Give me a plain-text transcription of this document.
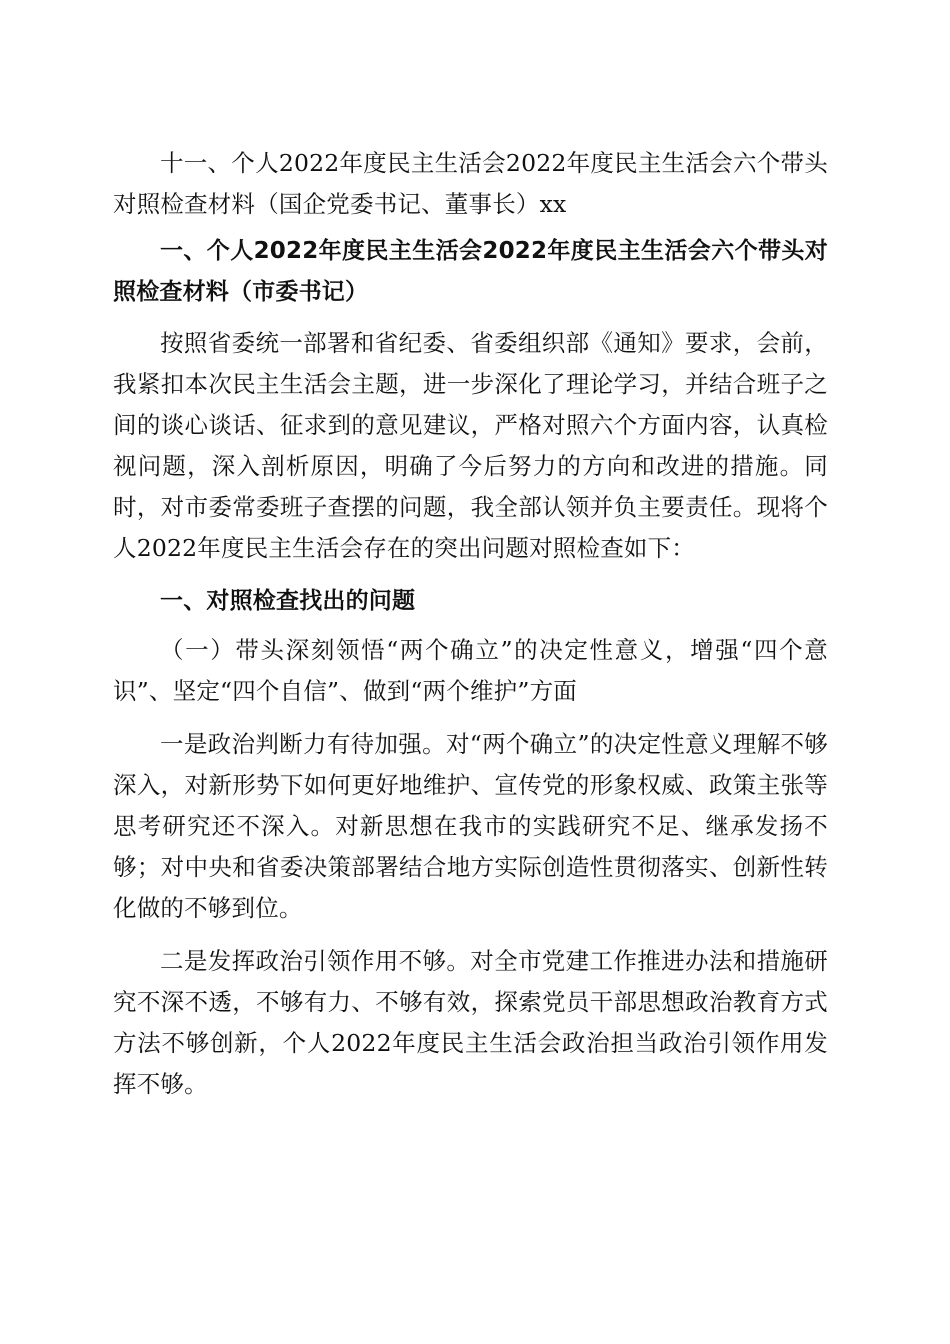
十一、个人2022年度民主生活会2022年度民主生活会六个带头对照检查材料（国企党委书记、董事长）xx

一、个人2022年度民主生活会2022年度民主生活会六个带头对照检查材料（市委书记）

按照省委统一部署和省纪委、省委组织部《通知》要求，会前，我紧扣本次民主生活会主题，进一步深化了理论学习，并结合班子之间的谈心谈话、征求到的意见建议，严格对照六个方面内容，认真检视问题，深入剖析原因，明确了今后努力的方向和改进的措施。同时，对市委常委班子查摆的问题，我全部认领并负主要责任。现将个人2022年度民主生活会存在的突出问题对照检查如下：

一、对照检查找出的问题

（一）带头深刻领悟“两个确立”的决定性意义，增强“四个意识”、坚定“四个自信”、做到“两个维护”方面

一是政治判断力有待加强。对“两个确立”的决定性意义理解不够深入，对新形势下如何更好地维护、宣传党的形象权威、政策主张等思考研究还不深入。对新思想在我市的实践研究不足、继承发扬不够；对中央和省委决策部署结合地方实际创造性贯彻落实、创新性转化做的不够到位。

二是发挥政治引领作用不够。对全市党建工作推进办法和措施研究不深不透，不够有力、不够有效，探索党员干部思想政治教育方式方法不够创新，个人2022年度民主生活会政治担当政治引领作用发挥不够。
